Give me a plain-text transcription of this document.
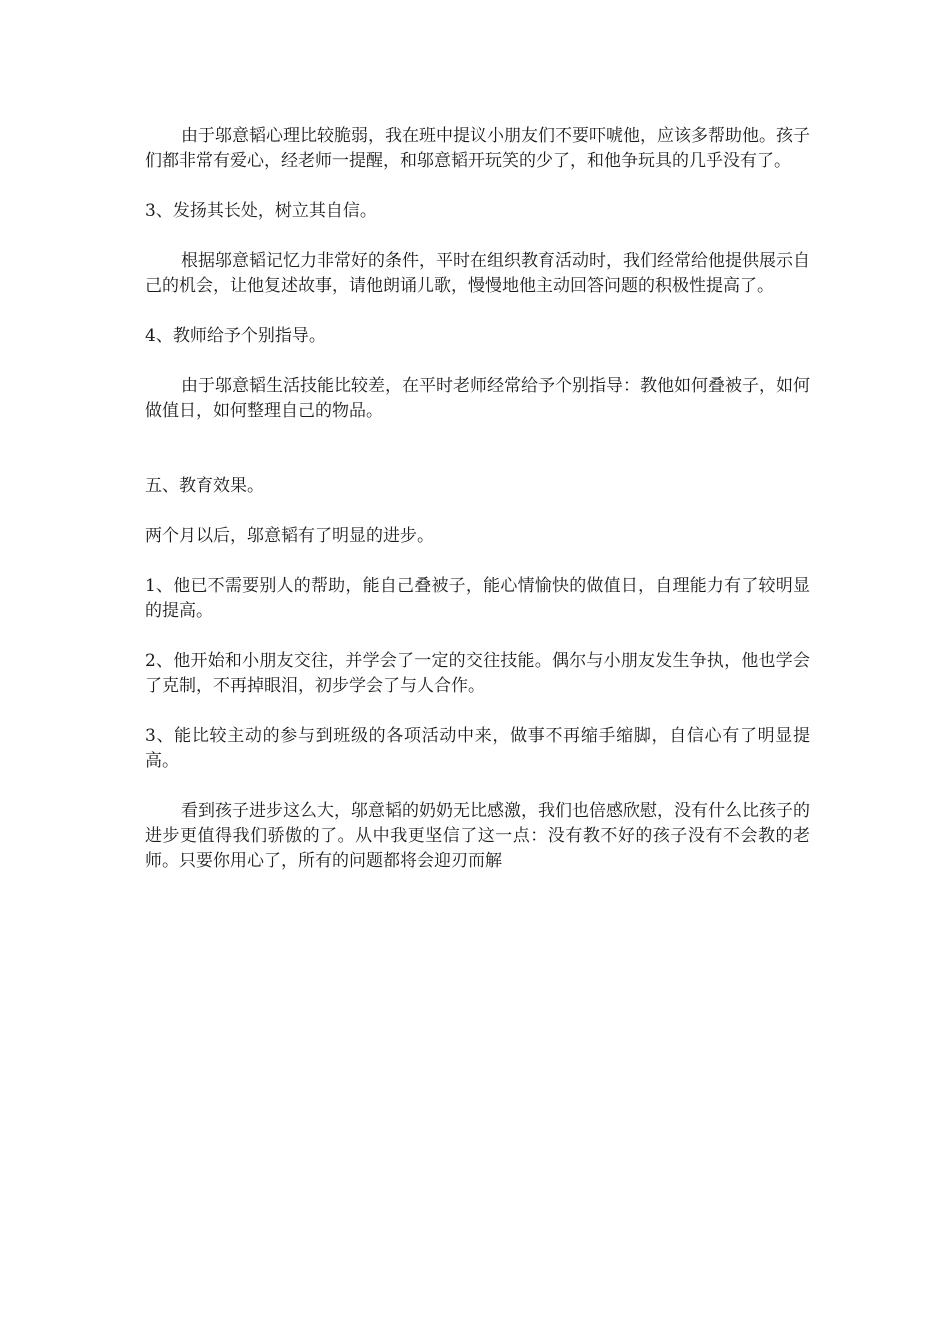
由于邬意韬心理比较脆弱，我在班中提议小朋友们不要吓唬他，应该多帮助他。孩子们都非常有爱心，经老师一提醒，和邬意韬开玩笑的少了，和他争玩具的几乎没有了。

3、发扬其长处，树立其自信。

根据邬意韬记忆力非常好的条件，平时在组织教育活动时，我们经常给他提供展示自己的机会，让他复述故事，请他朗诵儿歌，慢慢地他主动回答问题的积极性提高了。

4、教师给予个别指导。

由于邬意韬生活技能比较差，在平时老师经常给予个别指导：教他如何叠被子，如何做值日，如何整理自己的物品。

五、教育效果。

两个月以后，邬意韬有了明显的进步。

1、他已不需要别人的帮助，能自己叠被子，能心情愉快的做值日，自理能力有了较明显的提高。

2、他开始和小朋友交往，并学会了一定的交往技能。偶尔与小朋友发生争执，他也学会了克制，不再掉眼泪，初步学会了与人合作。

3、能比较主动的参与到班级的各项活动中来，做事不再缩手缩脚，自信心有了明显提高。

看到孩子进步这么大，邬意韬的奶奶无比感激，我们也倍感欣慰，没有什么比孩子的进步更值得我们骄傲的了。从中我更坚信了这一点：没有教不好的孩子没有不会教的老师。只要你用心了，所有的问题都将会迎刃而解
